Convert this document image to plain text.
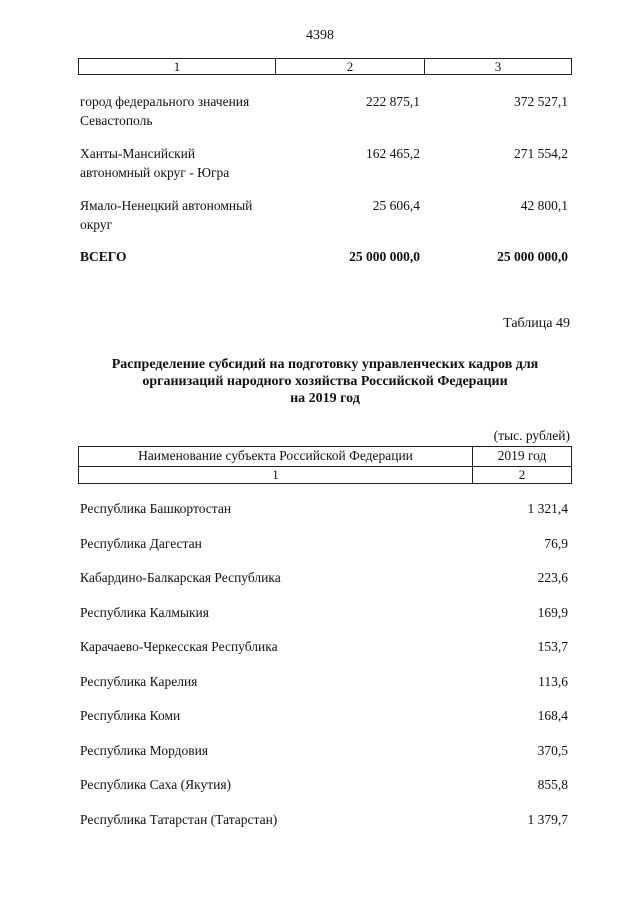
4398
1	2	3
город федерального значения
Севастополь
222 875,1	372 527,1
Ханты-Мансийский
автономный округ - Югра
162 465,2	271 554,2
Ямало-Ненецкий автономный
округ
25 606,4	42 800,1
ВСЕГО	25 000 000,0	25 000 000,0
Таблица 49
Распределение субсидий на подготовку управленческих кадров для
организаций народного хозяйства Российской Федерации
на 2019 год
(тыс. рублей)
Наименование субъекта Российской Федерации	2019 год
1	2
Республика Башкортостан	1 321,4
Республика Дагестан	76,9
Кабардино-Балкарская Республика	223,6
Республика Калмыкия	169,9
Карачаево-Черкесская Республика	153,7
Республика Карелия	113,6
Республика Коми	168,4
Республика Мордовия	370,5
Республика Саха (Якутия)	855,8
Республика Татарстан (Татарстан)	1 379,7
